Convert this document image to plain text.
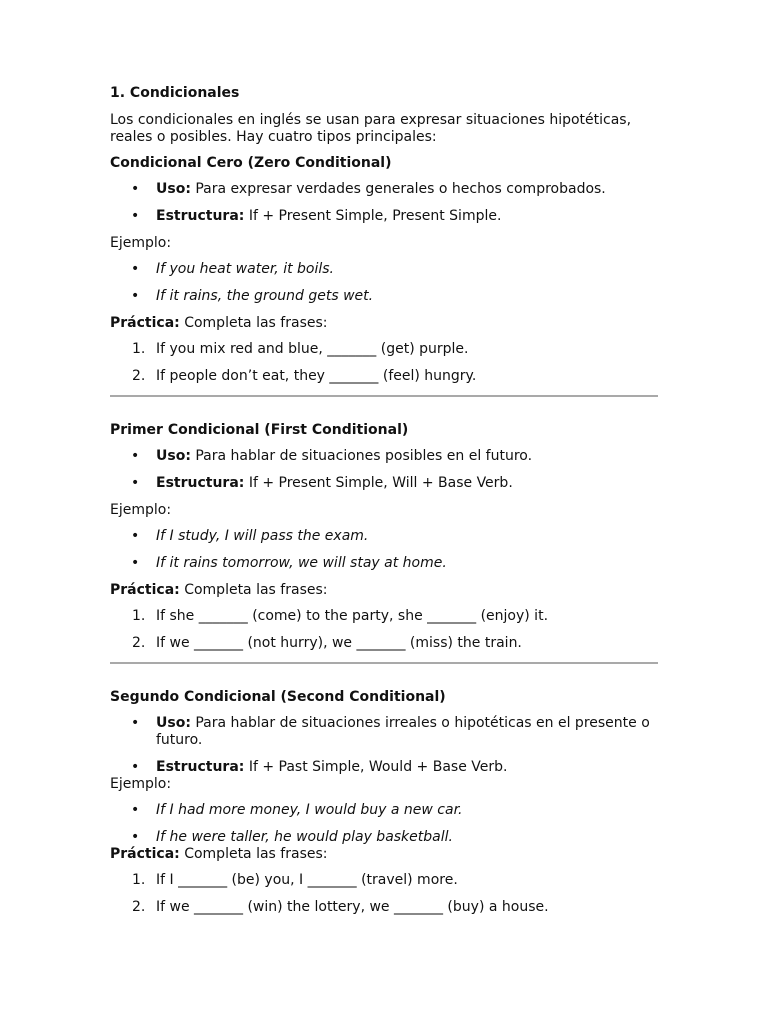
1. Condicionales

Los condicionales en inglés se usan para expresar situaciones hipotéticas, reales o posibles. Hay cuatro tipos principales:

Condicional Cero (Zero Conditional)
• Uso: Para expresar verdades generales o hechos comprobados.
• Estructura: If + Present Simple, Present Simple.

Ejemplo:

• If you heat water, it boils.
• If it rains, the ground gets wet.

Práctica: Completa las frases:

1. If you mix red and blue, _______ (get) purple.
2. If people don’t eat, they _______ (feel) hungry.
Primer Condicional (First Conditional)
• Uso: Para hablar de situaciones posibles en el futuro.
• Estructura: If + Present Simple, Will + Base Verb.

Ejemplo:

• If I study, I will pass the exam.
• If it rains tomorrow, we will stay at home.

Práctica: Completa las frases:

1. If she _______ (come) to the party, she _______ (enjoy) it.
2. If we _______ (not hurry), we _______ (miss) the train.
Segundo Condicional (Second Conditional)
• Uso: Para hablar de situaciones irreales o hipotéticas en el presente o futuro.
• Estructura: If + Past Simple, Would + Base Verb.

Ejemplo:

• If I had more money, I would buy a new car.
• If he were taller, he would play basketball.

Práctica: Completa las frases:

1. If I _______ (be) you, I _______ (travel) more.
2. If we _______ (win) the lottery, we _______ (buy) a house.
